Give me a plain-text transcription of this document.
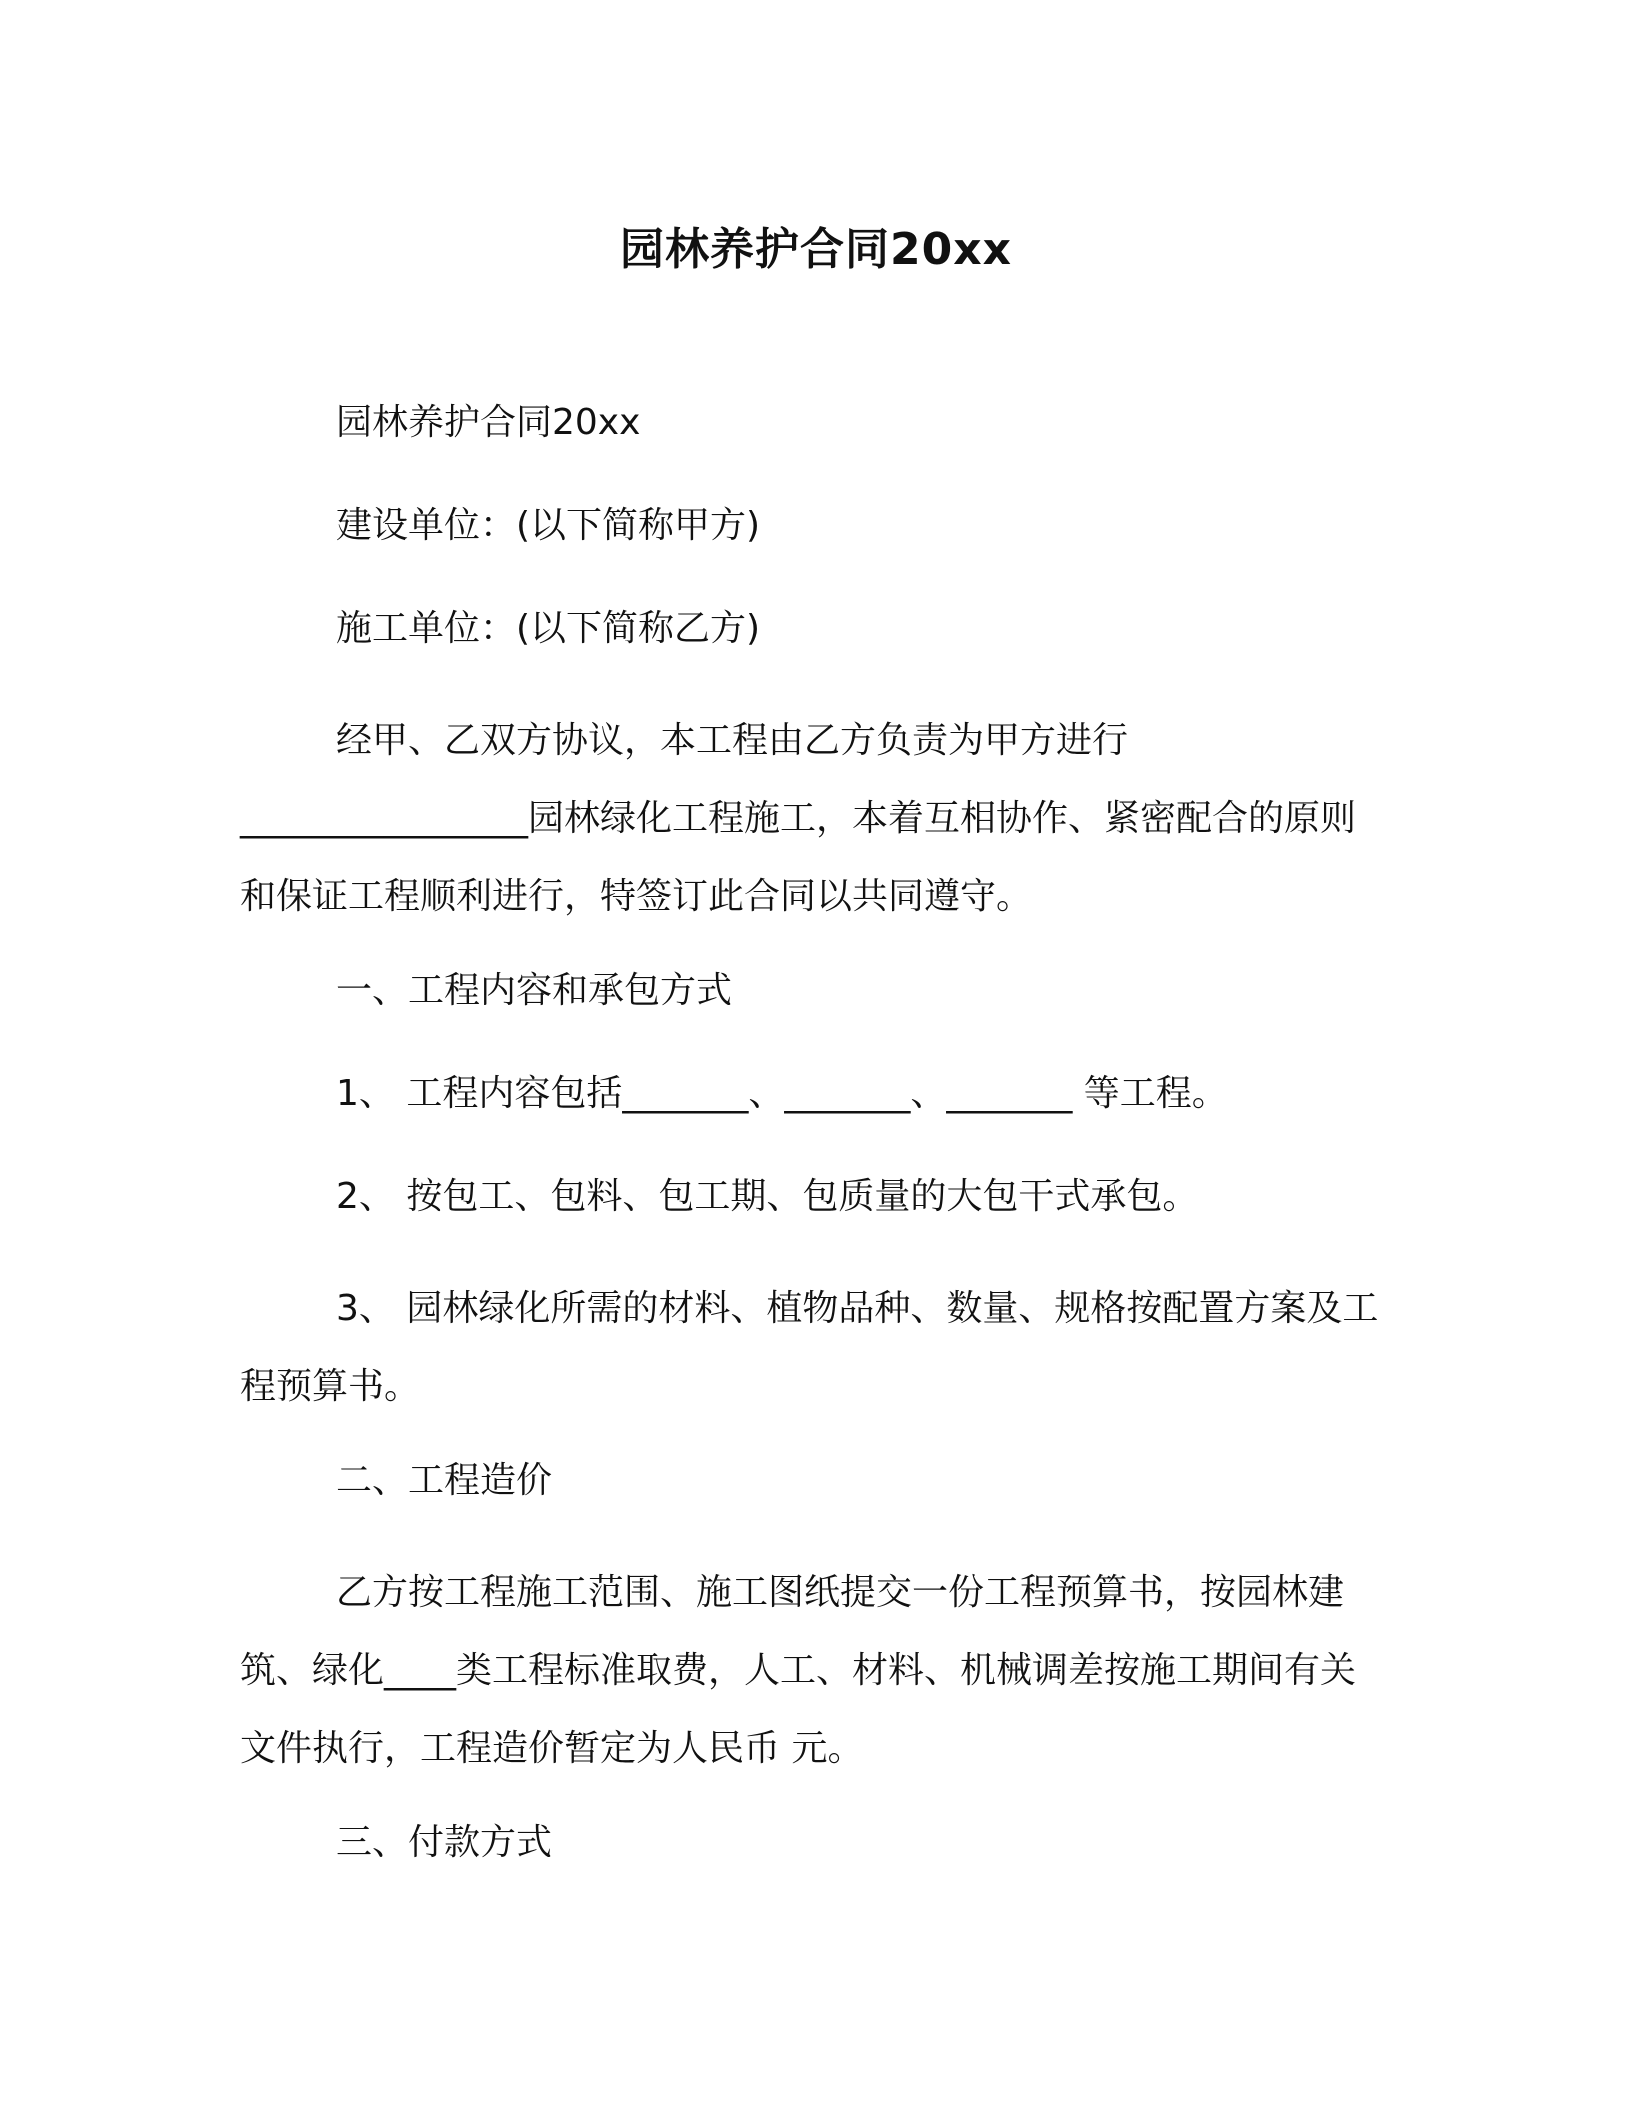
园林养护合同20xx
园林养护合同20xx
建设单位：(以下简称甲方)
施工单位：(以下简称乙方)

经甲、乙双方协议，本工程由乙方负责为甲方进行________________园林绿化工程施工，本着互相协作、紧密配合的原则和保证工程顺利进行，特签订此合同以共同遵守。

一、工程内容和承包方式
1、 工程内容包括_______、_______、_______ 等工程。
2、 按包工、包料、包工期、包质量的大包干式承包。

3、 园林绿化所需的材料、植物品种、数量、规格按配置方案及工程预算书。

二、工程造价

乙方按工程施工范围、施工图纸提交一份工程预算书，按园林建筑、绿化____类工程标准取费，人工、材料、机械调差按施工期间有关文件执行，工程造价暂定为人民币 元。

三、付款方式
